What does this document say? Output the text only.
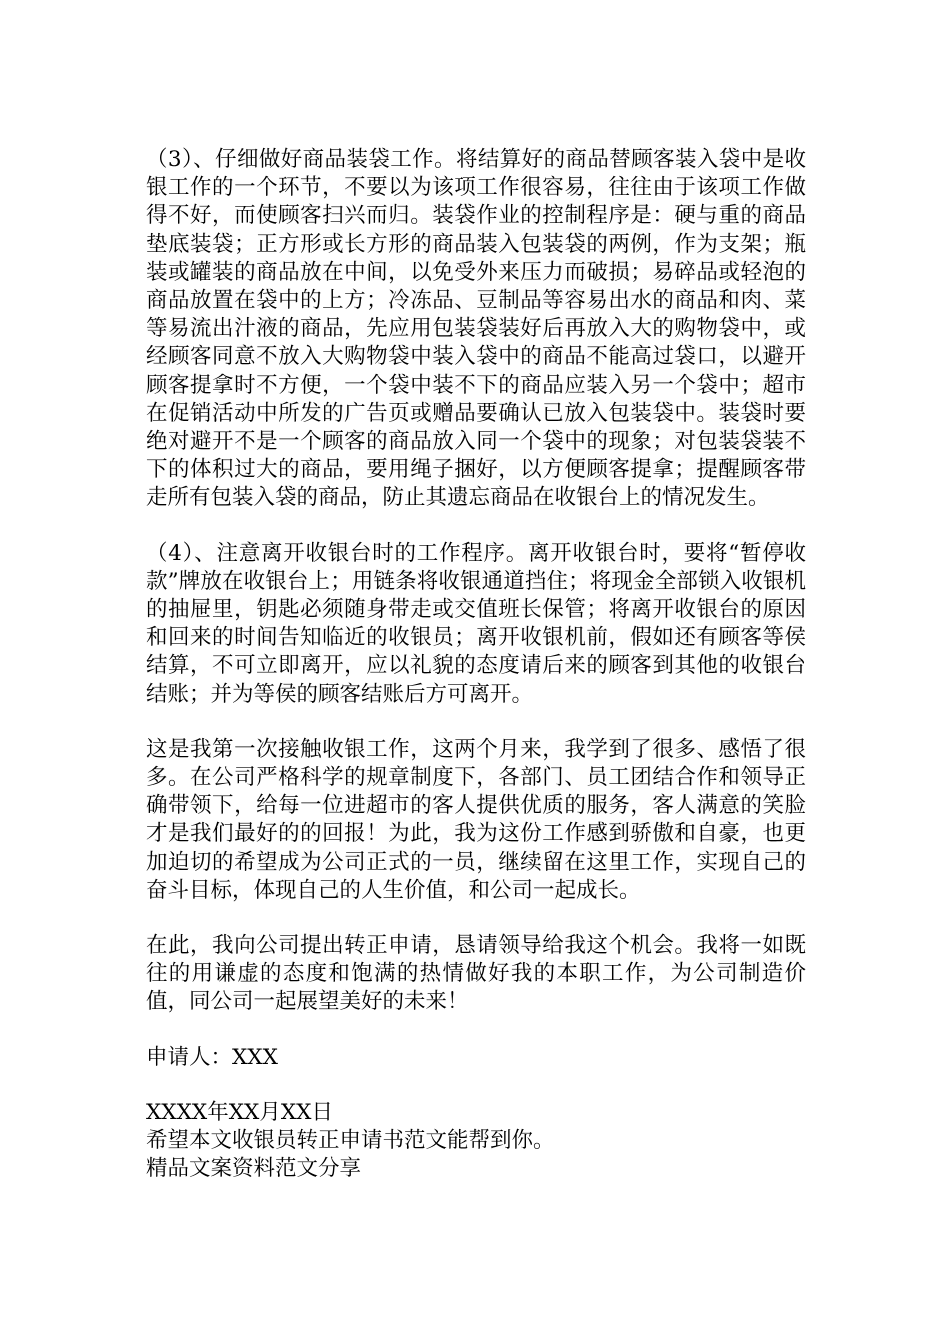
（3）、仔细做好商品装袋工作。将结算好的商品替顾客装入袋中是收银工作的一个环节，不要以为该项工作很容易，往往由于该项工作做得不好，而使顾客扫兴而归。装袋作业的控制程序是：硬与重的商品垫底装袋；正方形或长方形的商品装入包装袋的两例，作为支架；瓶装或罐装的商品放在中间，以免受外来压力而破损；易碎品或轻泡的商品放置在袋中的上方；冷冻品、豆制品等容易出水的商品和肉、菜等易流出汁液的商品，先应用包装袋装好后再放入大的购物袋中，或经顾客同意不放入大购物袋中装入袋中的商品不能高过袋口，以避开顾客提拿时不方便，一个袋中装不下的商品应装入另一个袋中；超市在促销活动中所发的广告页或赠品要确认已放入包装袋中。装袋时要绝对避开不是一个顾客的商品放入同一个袋中的现象；对包装袋装不下的体积过大的商品，要用绳子捆好，以方便顾客提拿；提醒顾客带走所有包装入袋的商品，防止其遗忘商品在收银台上的情况发生。

（4）、注意离开收银台时的工作程序。离开收银台时，要将“暂停收款”牌放在收银台上；用链条将收银通道挡住；将现金全部锁入收银机的抽屉里，钥匙必须随身带走或交值班长保管；将离开收银台的原因和回来的时间告知临近的收银员；离开收银机前，假如还有顾客等侯结算，不可立即离开，应以礼貌的态度请后来的顾客到其他的收银台结账；并为等侯的顾客结账后方可离开。

这是我第一次接触收银工作，这两个月来，我学到了很多、感悟了很多。在公司严格科学的规章制度下，各部门、员工团结合作和领导正确带领下，给每一位进超市的客人提供优质的服务，客人满意的笑脸才是我们最好的的回报！为此，我为这份工作感到骄傲和自豪，也更加迫切的希望成为公司正式的一员，继续留在这里工作，实现自己的奋斗目标，体现自己的人生价值，和公司一起成长。

在此，我向公司提出转正申请，恳请领导给我这个机会。我将一如既往的用谦虚的态度和饱满的热情做好我的本职工作，为公司制造价值，同公司一起展望美好的未来！

申请人：XXX

XXXX年XX月XX日

希望本文收银员转正申请书范文能帮到你。

精品文案资料范文分享
